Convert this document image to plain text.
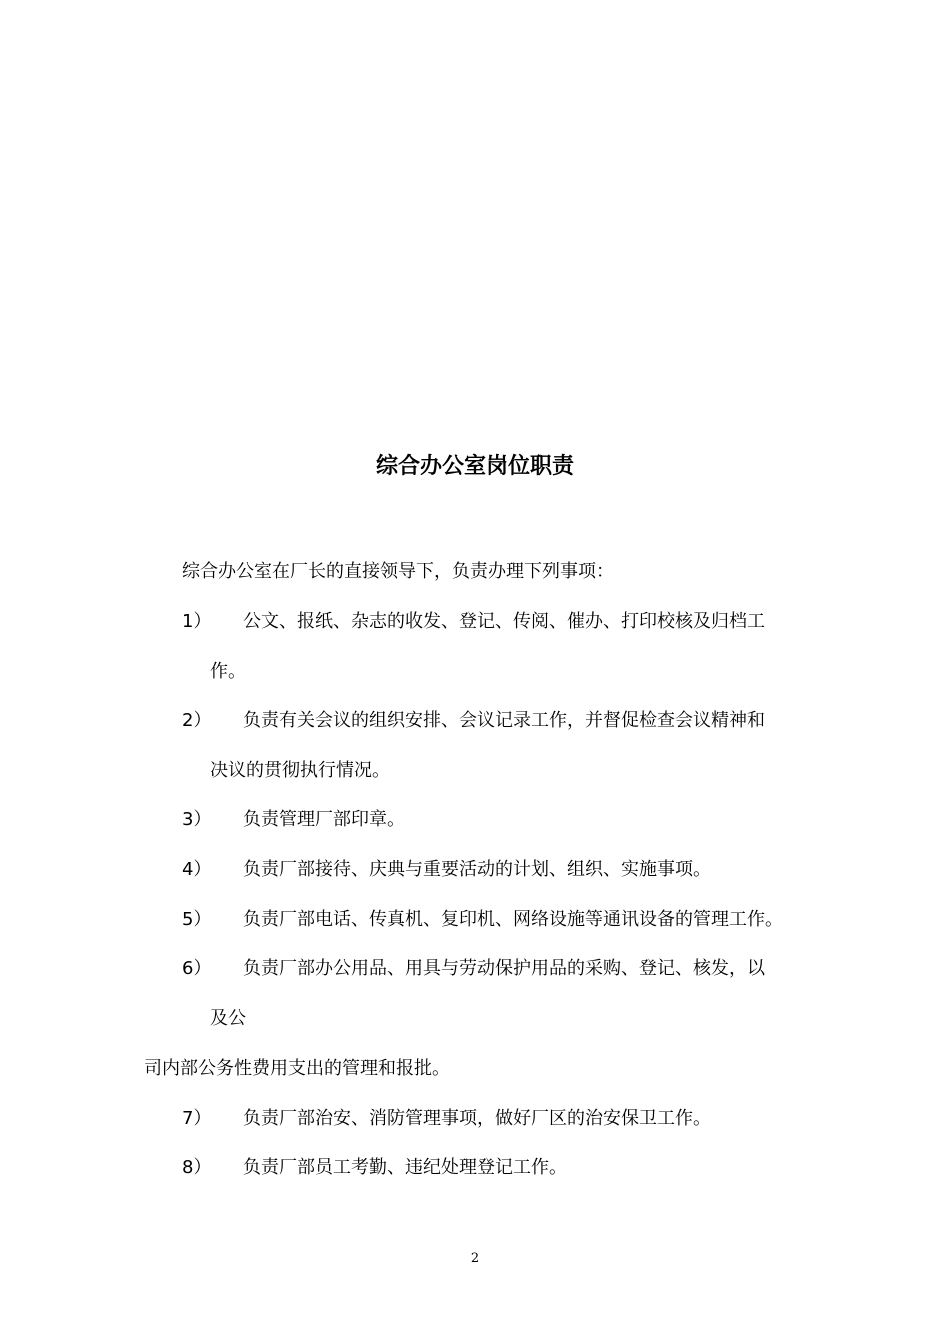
综合办公室岗位职责
综合办公室在厂长的直接领导下，负责办理下列事项：
1） 公文、报纸、杂志的收发、登记、传阅、催办、打印校核及归档工
作。
2） 负责有关会议的组织安排、会议记录工作，并督促检查会议精神和
决议的贯彻执行情况。
3） 负责管理厂部印章。
4） 负责厂部接待、庆典与重要活动的计划、组织、实施事项。
5） 负责厂部电话、传真机、复印机、网络设施等通讯设备的管理工作。
6） 负责厂部办公用品、用具与劳动保护用品的采购、登记、核发，以
及公
司内部公务性费用支出的管理和报批。
7） 负责厂部治安、消防管理事项，做好厂区的治安保卫工作。
8） 负责厂部员工考勤、违纪处理登记工作。
2
